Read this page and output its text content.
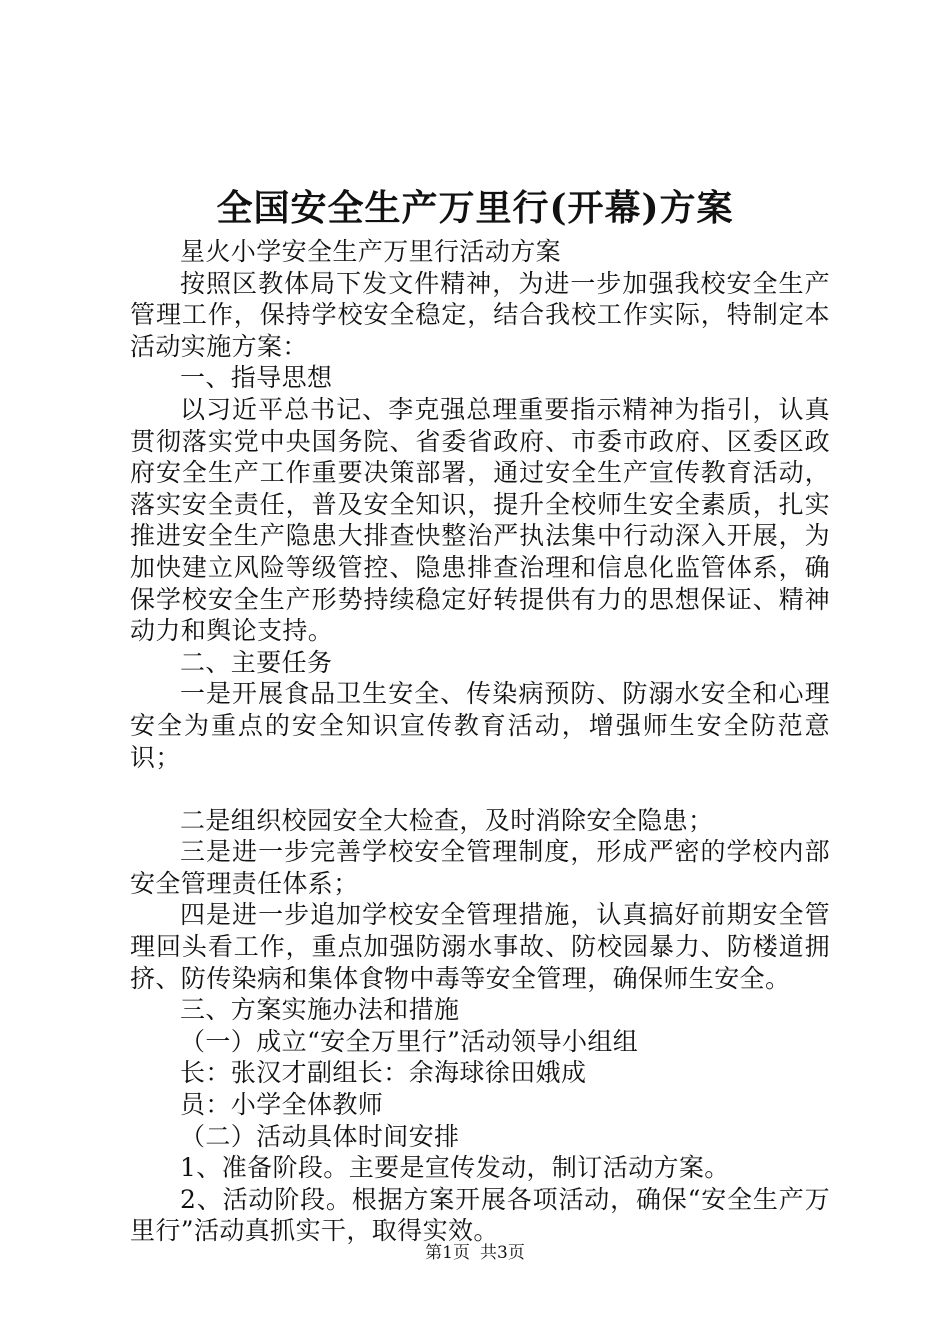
全国安全生产万里行(开幕)方案

星火小学安全生产万里行活动方案

按照区教体局下发文件精神，为进一步加强我校安全生产管理工作，保持学校安全稳定，结合我校工作实际，特制定本活动实施方案：

一、指导思想

以习近平总书记、李克强总理重要指示精神为指引，认真贯彻落实党中央国务院、省委省政府、市委市政府、区委区政府安全生产工作重要决策部署，通过安全生产宣传教育活动，落实安全责任，普及安全知识，提升全校师生安全素质，扎实推进安全生产隐患大排查快整治严执法集中行动深入开展，为加快建立风险等级管控、隐患排查治理和信息化监管体系，确保学校安全生产形势持续稳定好转提供有力的思想保证、精神动力和舆论支持。

二、主要任务

一是开展食品卫生安全、传染病预防、防溺水安全和心理安全为重点的安全知识宣传教育活动，增强师生安全防范意识；

二是组织校园安全大检查，及时消除安全隐患；

三是进一步完善学校安全管理制度，形成严密的学校内部安全管理责任体系；

四是进一步追加学校安全管理措施，认真搞好前期安全管理回头看工作，重点加强防溺水事故、防校园暴力、防楼道拥挤、防传染病和集体食物中毒等安全管理，确保师生安全。

三、方案实施办法和措施

（一）成立“安全万里行”活动领导小组组

长：张汉才副组长：余海球徐田娥成

员：小学全体教师

（二）活动具体时间安排

1、准备阶段。主要是宣传发动，制订活动方案。

2、活动阶段。根据方案开展各项活动，确保“安全生产万里行”活动真抓实干，取得实效。

第1页 共3页
